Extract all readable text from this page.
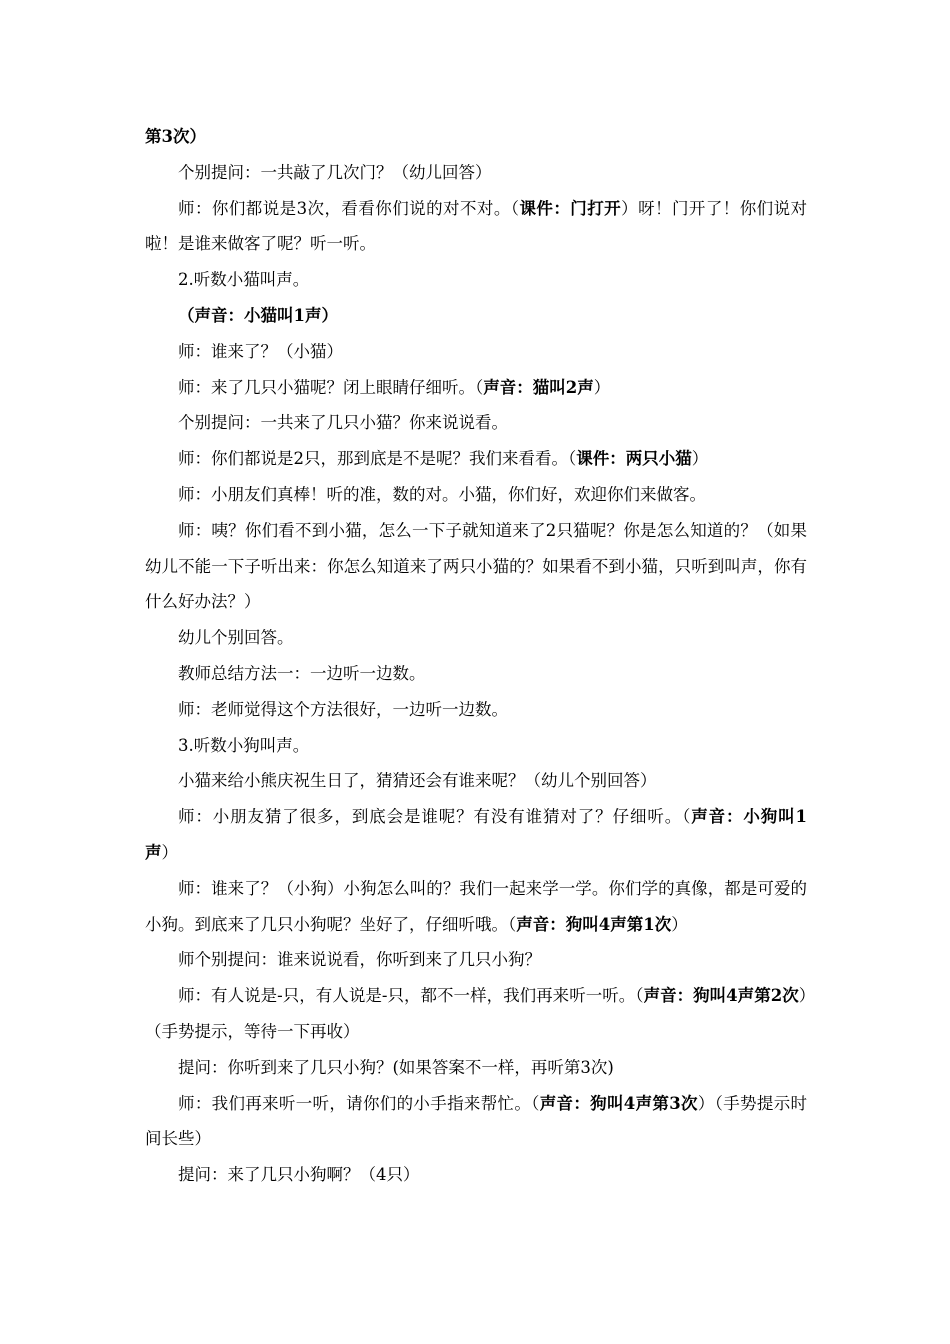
第3次）

个别提问：一共敲了几次门？（幼儿回答）

师：你们都说是3次，看看你们说的对不对。（课件：门打开）呀！门开了！你们说对啦！是谁来做客了呢？听一听。

2.听数小猫叫声。

（声音：小猫叫1声）

师：谁来了？（小猫）

师：来了几只小猫呢？闭上眼睛仔细听。（声音：猫叫2声）

个别提问：一共来了几只小猫？你来说说看。

师：你们都说是2只，那到底是不是呢？我们来看看。（课件：两只小猫）

师：小朋友们真棒！听的准，数的对。小猫，你们好，欢迎你们来做客。

师：咦？你们看不到小猫，怎么一下子就知道来了2只猫呢？你是怎么知道的？（如果幼儿不能一下子听出来：你怎么知道来了两只小猫的？如果看不到小猫，只听到叫声，你有什么好办法？）

幼儿个别回答。

教师总结方法一：一边听一边数。

师：老师觉得这个方法很好，一边听一边数。

3.听数小狗叫声。

小猫来给小熊庆祝生日了，猜猜还会有谁来呢？（幼儿个别回答）

师：小朋友猜了很多，到底会是谁呢？有没有谁猜对了？仔细听。（声音：小狗叫1声）

师：谁来了？（小狗）小狗怎么叫的？我们一起来学一学。你们学的真像，都是可爱的小狗。到底来了几只小狗呢？坐好了，仔细听哦。（声音：狗叫4声第1次）

师个别提问：谁来说说看，你听到来了几只小狗？

师：有人说是-只，有人说是-只，都不一样，我们再来听一听。（声音：狗叫4声第2次）（手势提示，等待一下再收）

提问：你听到来了几只小狗？(如果答案不一样，再听第3次)

师：我们再来听一听，请你们的小手指来帮忙。（声音：狗叫4声第3次）（手势提示时间长些）

提问：来了几只小狗啊？（4只）
